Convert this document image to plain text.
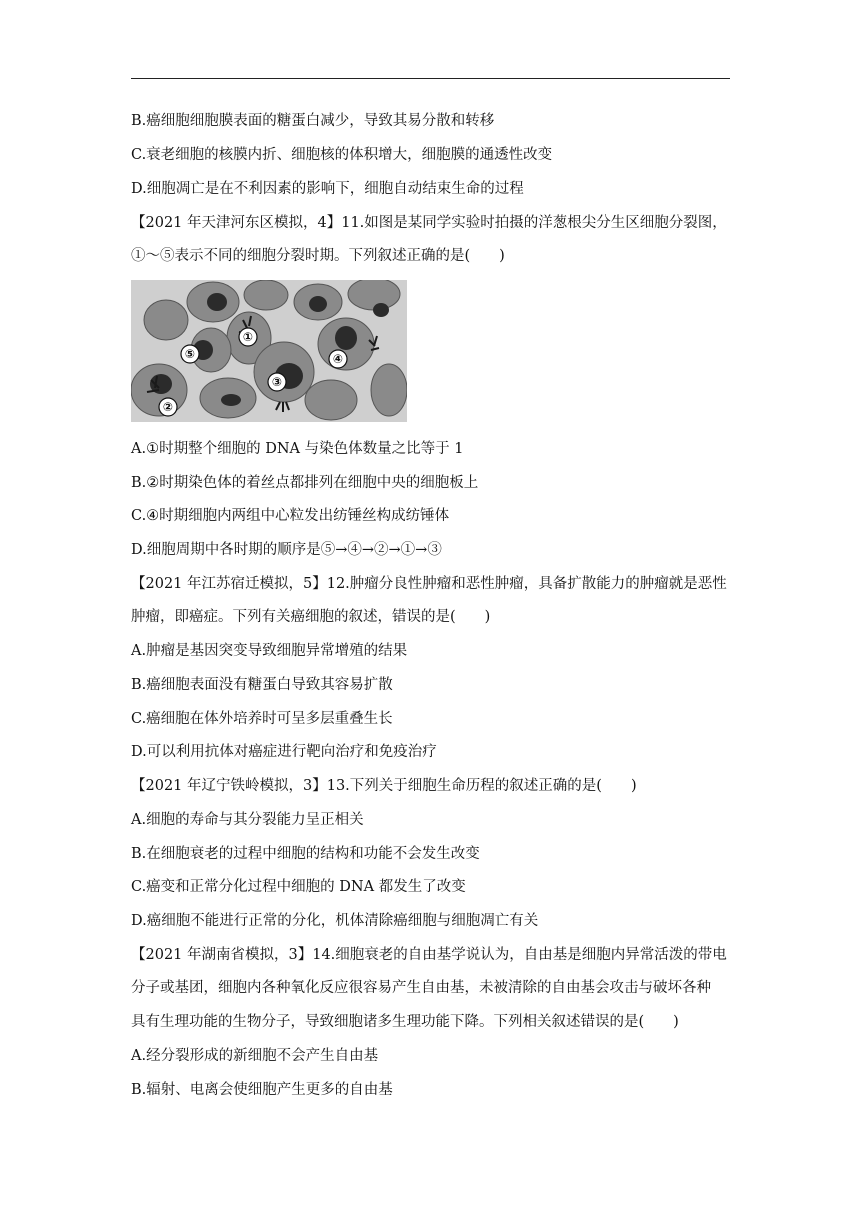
B.癌细胞细胞膜表面的糖蛋白减少，导致其易分散和转移
C.衰老细胞的核膜内折、细胞核的体积增大，细胞膜的通透性改变
D.细胞凋亡是在不利因素的影响下，细胞自动结束生命的过程
【2021 年天津河东区模拟，4】11.如图是某同学实验时拍摄的洋葱根尖分生区细胞分裂图，
①～⑤表示不同的细胞分裂时期。下列叙述正确的是(　　)
①
②
③
④
⑤
A.①时期整个细胞的 DNA 与染色体数量之比等于 1
B.②时期染色体的着丝点都排列在细胞中央的细胞板上
C.④时期细胞内两组中心粒发出纺锤丝构成纺锤体
D.细胞周期中各时期的顺序是⑤→④→②→①→③
【2021 年江苏宿迁模拟，5】12.肿瘤分良性肿瘤和恶性肿瘤，具备扩散能力的肿瘤就是恶性
肿瘤，即癌症。下列有关癌细胞的叙述，错误的是(　　)
A.肿瘤是基因突变导致细胞异常增殖的结果
B.癌细胞表面没有糖蛋白导致其容易扩散
C.癌细胞在体外培养时可呈多层重叠生长
D.可以利用抗体对癌症进行靶向治疗和免疫治疗
【2021 年辽宁铁岭模拟，3】13.下列关于细胞生命历程的叙述正确的是(　　)
A.细胞的寿命与其分裂能力呈正相关
B.在细胞衰老的过程中细胞的结构和功能不会发生改变
C.癌变和正常分化过程中细胞的 DNA 都发生了改变
D.癌细胞不能进行正常的分化，机体清除癌细胞与细胞凋亡有关
【2021 年湖南省模拟，3】14.细胞衰老的自由基学说认为，自由基是细胞内异常活泼的带电
分子或基团，细胞内各种氧化反应很容易产生自由基，未被清除的自由基会攻击与破坏各种
具有生理功能的生物分子，导致细胞诸多生理功能下降。下列相关叙述错误的是(　　)
A.经分裂形成的新细胞不会产生自由基
B.辐射、电离会使细胞产生更多的自由基
